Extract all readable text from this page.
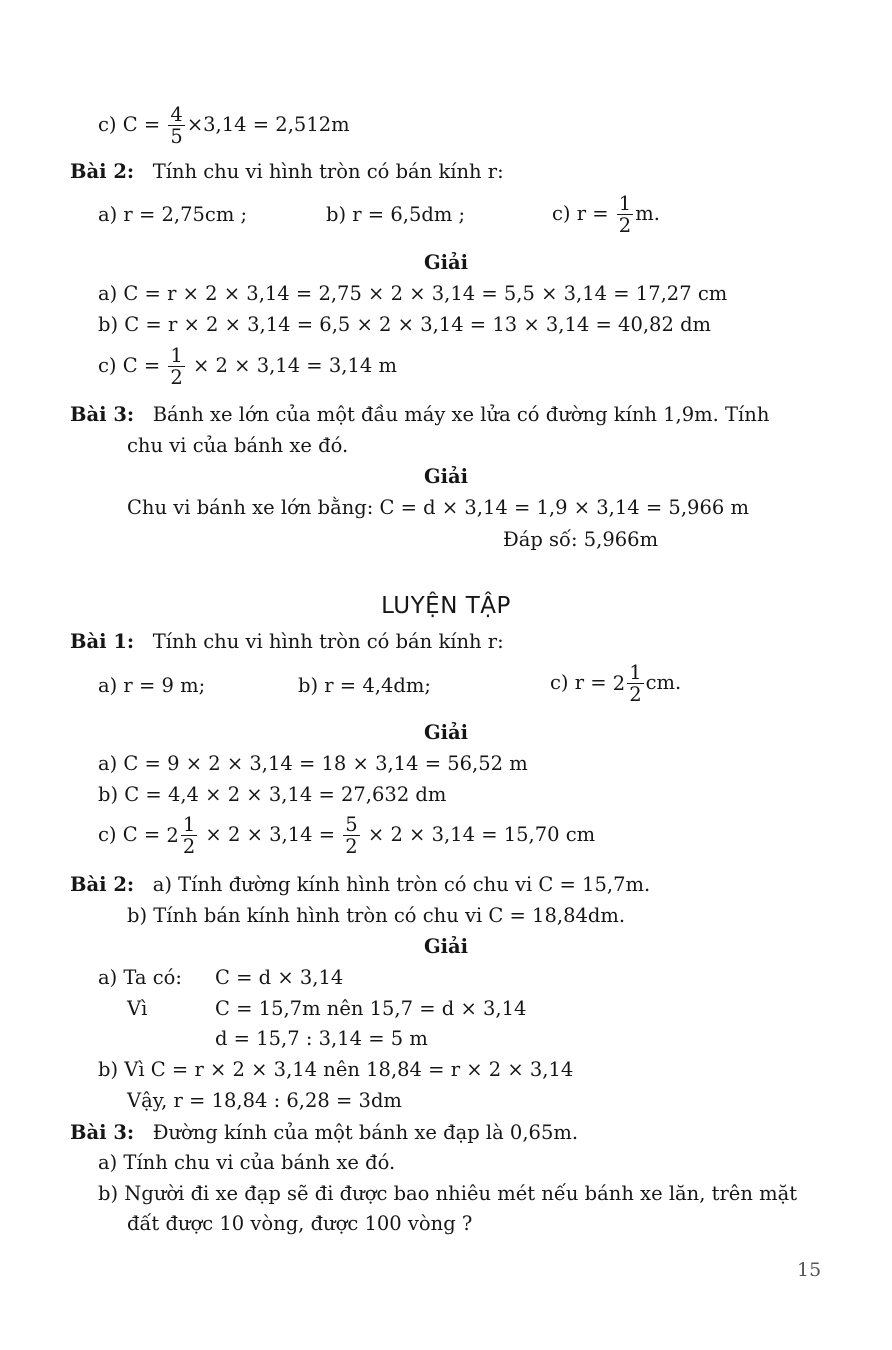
c) $C = \frac{4}{5} \times 3,14 = 2,512m$
Bài 2: Tính chu vi hình tròn có bán kính r:
a) r = 2,75cm ;	b) r = 6,5dm ;	c) $r = \frac{1}{2} m$.
Giải
a) C = r × 2 × 3,14 = 2,75 × 2 × 3,14 = 5,5 × 3,14 = 17,27 cm
b) C = r × 2 × 3,14 = 6,5 × 2 × 3,14 = 13 × 3,14 = 40,82 dm
c) $C = \frac{1}{2} \times 2 \times 3,14 = 3,14$ m
Bài 3: Bánh xe lớn của một đầu máy xe lửa có đường kính 1,9m. Tính
chu vi của bánh xe đó.
Giải
Chu vi bánh xe lớn bằng: C = d × 3,14 = 1,9 × 3,14 = 5,966 m
Đáp số: 5,966m
LUYỆN TẬP
Bài 1: Tính chu vi hình tròn có bán kính r:
a) r = 9 m;	b) r = 4,4dm;	c) $r = 2 \frac{1}{2}$ cm.
Giải
a) C = 9 × 2 × 3,14 = 18 × 3,14 = 56,52 m
b) C = 4,4 × 2 × 3,14 = 27,632 dm
c) $C = 2 \frac{1}{2} \times 2 \times 3,14 = \frac{5}{2} \times 2 \times 3,14 = 15,70$ cm
Bài 2: a) Tính đường kính hình tròn có chu vi C = 15,7m.
b) Tính bán kính hình tròn có chu vi C = 18,84dm.
Giải
a) Ta có: C = d × 3,14
Vì	C = 15,7m nên 15,7 = d × 3,14
d = 15,7 : 3,14 = 5 m
b) Vì C = r × 2 × 3,14 nên 18,84 = r × 2 × 3,14
Vậy, r = 18,84 : 6,28 = 3dm
Bài 3: Đường kính của một bánh xe đạp là 0,65m.
a) Tính chu vi của bánh xe đó.
b) Người đi xe đạp sẽ đi được bao nhiêu mét nếu bánh xe lăn, trên mặt
đất được 10 vòng, được 100 vòng ?
15
